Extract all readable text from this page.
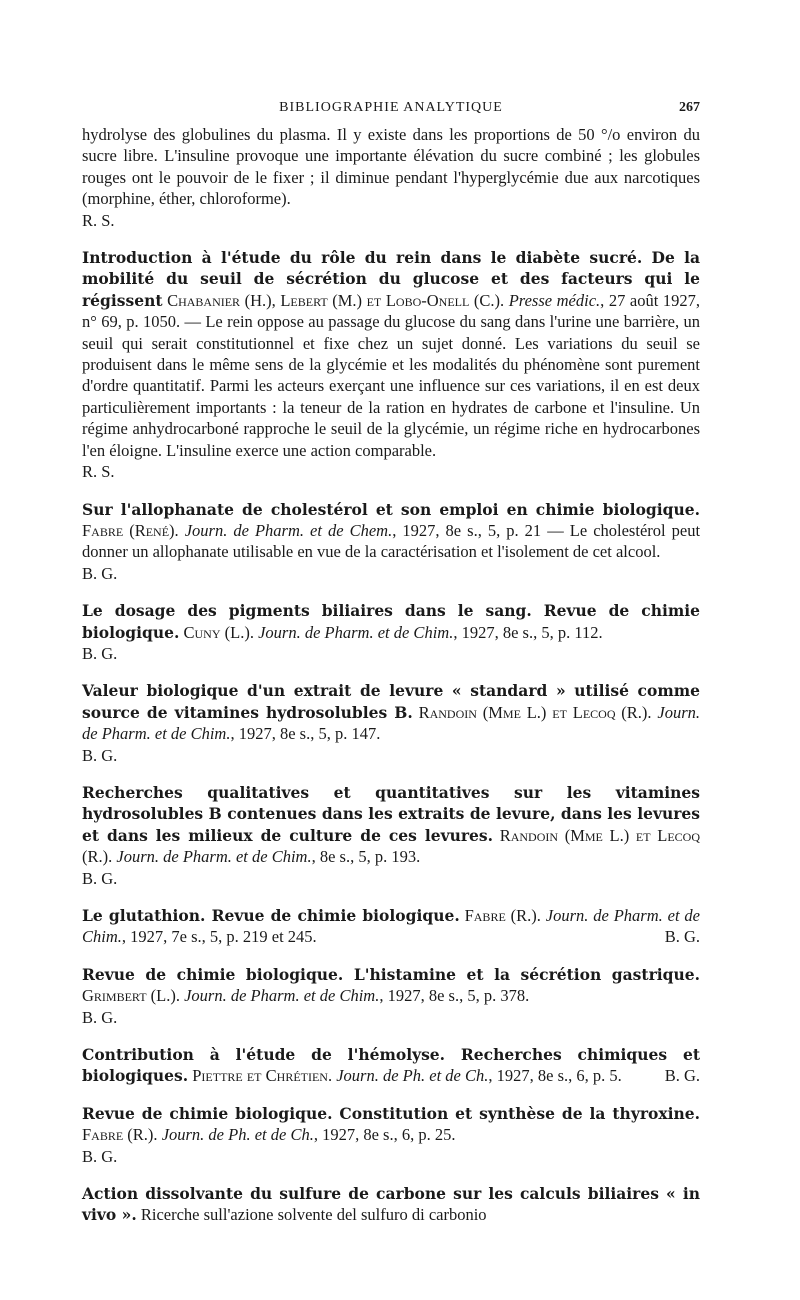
BIBLIOGRAPHIE ANALYTIQUE	267

hydrolyse des globulines du plasma. Il y existe dans les proportions de 50 °/o environ du sucre libre. L'insuline provoque une importante élévation du sucre combiné ; les globules rouges ont le pouvoir de le fixer ; il diminue pendant l'hyperglycémie due aux narcotiques (morphine, éther, chloroforme).

R. S.

Introduction à l'étude du rôle du rein dans le diabète sucré. De la mobilité du seuil de sécrétion du glucose et des facteurs qui le régissent Chabanier (H.), Lebert (M.) et Lobo-Onell (C.). Presse médic., 27 août 1927, n° 69, p. 1050. — Le rein oppose au passage du glucose du sang dans l'urine une barrière, un seuil qui serait constitutionnel et fixe chez un sujet donné. Les variations du seuil se produisent dans le même sens de la glycémie et les modalités du phénomène sont purement d'ordre quantitatif. Parmi les acteurs exerçant une influence sur ces variations, il en est deux particulièrement importants : la teneur de la ration en hydrates de carbone et l'insuline. Un régime anhydrocarboné rapproche le seuil de la glycémie, un régime riche en hydrocarbones l'en éloigne. L'insuline exerce une action comparable.

R. S.

Sur l'allophanate de cholestérol et son emploi en chimie biologique. Fabre (René). Journ. de Pharm. et de Chem., 1927, 8e s., 5, p. 21 — Le cholestérol peut donner un allophanate utilisable en vue de la caractérisation et l'isolement de cet alcool.

B. G.

Le dosage des pigments biliaires dans le sang. Revue de chimie biologique. Cuny (L.). Journ. de Pharm. et de Chim., 1927, 8e s., 5, p. 112.

B. G.

Valeur biologique d'un extrait de levure « standard » utilisé comme source de vitamines hydrosolubles B. Randoin (Mme L.) et Lecoq (R.). Journ. de Pharm. et de Chim., 1927, 8e s., 5, p. 147.

B. G.

Recherches qualitatives et quantitatives sur les vitamines hydrosolubles B contenues dans les extraits de levure, dans les levures et dans les milieux de culture de ces levures. Randoin (Mme L.) et Lecoq (R.). Journ. de Pharm. et de Chim., 8e s., 5, p. 193.

B. G.

Le glutathion. Revue de chimie biologique. Fabre (R.). Journ. de Pharm. et de Chim., 1927, 7e s., 5, p. 219 et 245.	B. G.

Revue de chimie biologique. L'histamine et la sécrétion gastrique. Grimbert (L.). Journ. de Pharm. et de Chim., 1927, 8e s., 5, p. 378.

B. G.

Contribution à l'étude de l'hémolyse. Recherches chimiques et biologiques. Piettre et Chrétien. Journ. de Ph. et de Ch., 1927, 8e s., 6, p. 5.	B. G.

Revue de chimie biologique. Constitution et synthèse de la thyroxine. Fabre (R.). Journ. de Ph. et de Ch., 1927, 8e s., 6, p. 25.

B. G.

Action dissolvante du sulfure de carbone sur les calculs biliaires « in vivo ». Ricerche sull'azione solvente del sulfuro di carbonio
